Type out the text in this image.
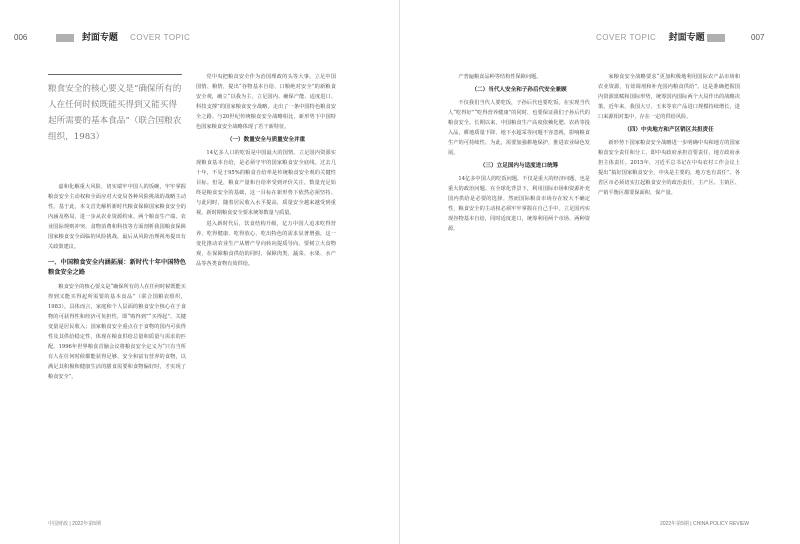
006	封面专题 COVER TOPIC
粮食安全的核心要义是“确保所有的人在任何时候既能买得到又能买得起所需要的基本食品”（联合国粮农组织，1983）

嘉和化解重大风险，切实端牢中国人的饭碗，牢牢掌握粮食安全主动权和全面应对大变局各种风险挑战的战略主动性。基于此，本文首先解析新时代粮食保障国家粮食安全的内涵及格局，进一步从农业资源约束、两个粮食生产端、农业国际规则冲突、食物消费和科技等方面剖析我国粮食保障国家粮食安全面临的风险挑战，最后从风险治理视角提出有关政策建议。

一、中国粮食安全内涵拓展：新时代十年中国特色粮食安全之路

粮食安全的核心要义是“确保所有的人在任何时候既能买得到又能买得起所需要的基本食品”（联合国粮农组织，1983）。具体而言，家庭和个人层面的粮食安全核心在于食物的可获得性和经济可负担性，即“购得到”“买得起”。关键变量是居民收入；国家粮食安全重点在于食物的国内可获得性及其供给稳定性，体现在粮食供给总量和质量与需求的匹配。1996年世界粮食首脑会议将粮食安全定义为“只有当所有人在任何时候都能获得足够、安全和富有营养的食物，以满足其积极和健康生活的膳食需要和食物偏好时，才实现了粮食安全”。

党中央把粮食安全作为治国理政的头等大事，立足中国国情、粮情，提出“谷物基本自给、口粮绝对安全”的新粮食安全观，确立“以我为主、立足国内、确保产能、适度进口、科技支撑”的国家粮食安全战略，走出了一条中国特色粮食安全之路。与20世纪传统粮食安全战略相比，新形势下中国特色国家粮食安全战略体现了若干新特征。

（一）数量安全与质量安全并重

14亿多人口的吃饭是中国最大的国情。立足国内资源实现粮食基本自给，是必须守牢的国家粮食安全底线。过去几十年，不见于95%的粮食自给率是传统粮食安全观的关键性目标。但是，粮食产量和自给率受到评价关注。数量充足始终是粮食安全的基础，这一目标在新形势下依然必须坚持。与此同时，随着居民收入水平提高，质量安全越来越受到重视。新时期粮食安全要求统筹数量与质量。

进入新时代后，饮食结构升级，亿万中国人追求吃得营养、吃得健康、吃得放心、吃出特色的需求显著增强，这一变化推动农业生产从增产导向转向提质导向。要树立大食物观，在保障粮食供给的同时，保障肉类、蔬菜、水果、水产品等各类食物有效供给。

中国财政 | 2022年第5期
COVER TOPIC 封面专题	007

产普遍粮食品种等结构性保障问题。

（二）当代人安全和子孙后代安全兼顾

不仅我们当代人要吃饭，子孙后代也要吃饭。在实现当代人“吃得好”“吃得营养健康”的同时，也要保证我们子孙后代的粮食安全。长期以来，中国粮食生产高度依赖化肥、农药等投入品，耕地质量下降、地下水超采等问题不容忽视，影响粮食生产的可持续性。为此，需要加强耕地保护，推进农业绿色发展。

（三）立足国内与适度进口统筹

14亿多中国人的吃饭问题，不仅是重大的经济问题，也是重大的政治问题。在全球化背景下，利用国际市场和资源补充国内供给是必要的选择。然而国际粮食市场存在较大不确定性，粮食安全的主动权必须牢牢掌握在自己手中。立足国内实现谷物基本自给，同时适度进口，统筹利用两个市场、两种资源。

家粮食安全战略要求“更加积极地利用国际农产品市场和农业资源，有效调剂和补充国内粮食供给”。这是准确把握国内资源禀赋和国际形势，统筹国内国际两个大局作出的战略决策。近年来，我国大豆、玉米等农产品进口规模持续增长，进口来源相对集中，存在一定的供给风险。

（四）中央地方和产区销区共担责任

新形势下国家粮食安全战略进一步明确中央和地方的国家粮食安全责任和分工，即中央政府承担首要责任，地方政府承担主体责任。2015年，习近平总书记在中央农村工作会议上提出“搞好国家粮食安全，中央是主要的，地方也有责任”。各省区市必须切实扛起粮食安全的政治责任，主产区、主销区、产销平衡区都要保面积、保产量。

2022年第5期 | CHINA POLICY REVIEW
